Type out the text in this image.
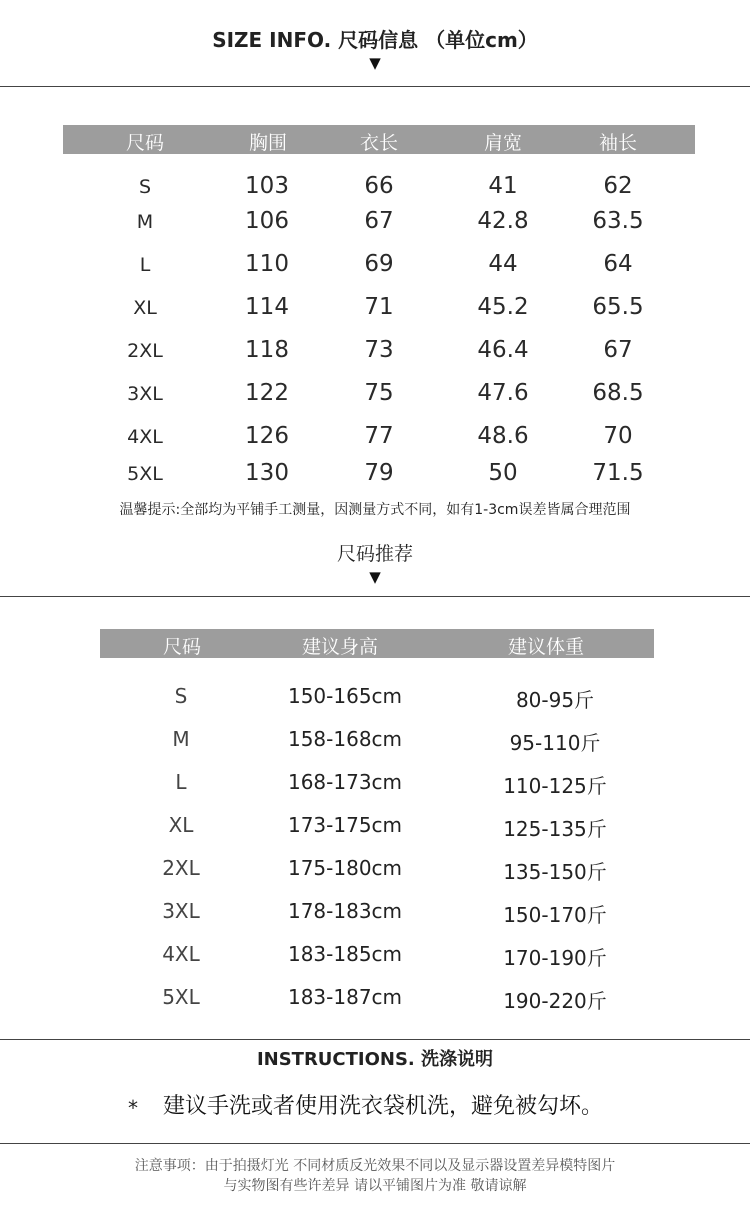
SIZE INFO. 尺码信息 （单位cm）
▼
尺码	胸围	衣长	肩宽	袖长
S	103	66	41	62
M	106	67	42.8	63.5
L	110	69	44	64
XL	114	71	45.2	65.5
2XL	118	73	46.4	67
3XL	122	75	47.6	68.5
4XL	126	77	48.6	70
5XL	130	79	50	71.5
温馨提示:全部均为平铺手工测量，因测量方式不同，如有1-3cm误差皆属合理范围
尺码推荐
▼
尺码	建议身高	建议体重
S	150-165cm	80-95斤
M	158-168cm	95-110斤
L	168-173cm	110-125斤
XL	173-175cm	125-135斤
2XL	175-180cm	135-150斤
3XL	178-183cm	150-170斤
4XL	183-185cm	170-190斤
5XL	183-187cm	190-220斤
INSTRUCTIONS. 洗涤说明
* 建议手洗或者使用洗衣袋机洗，避免被勾坏。
注意事项：由于拍摄灯光 不同材质反光效果不同以及显示器设置差异模特图片
与实物图有些许差异 请以平铺图片为准 敬请谅解
